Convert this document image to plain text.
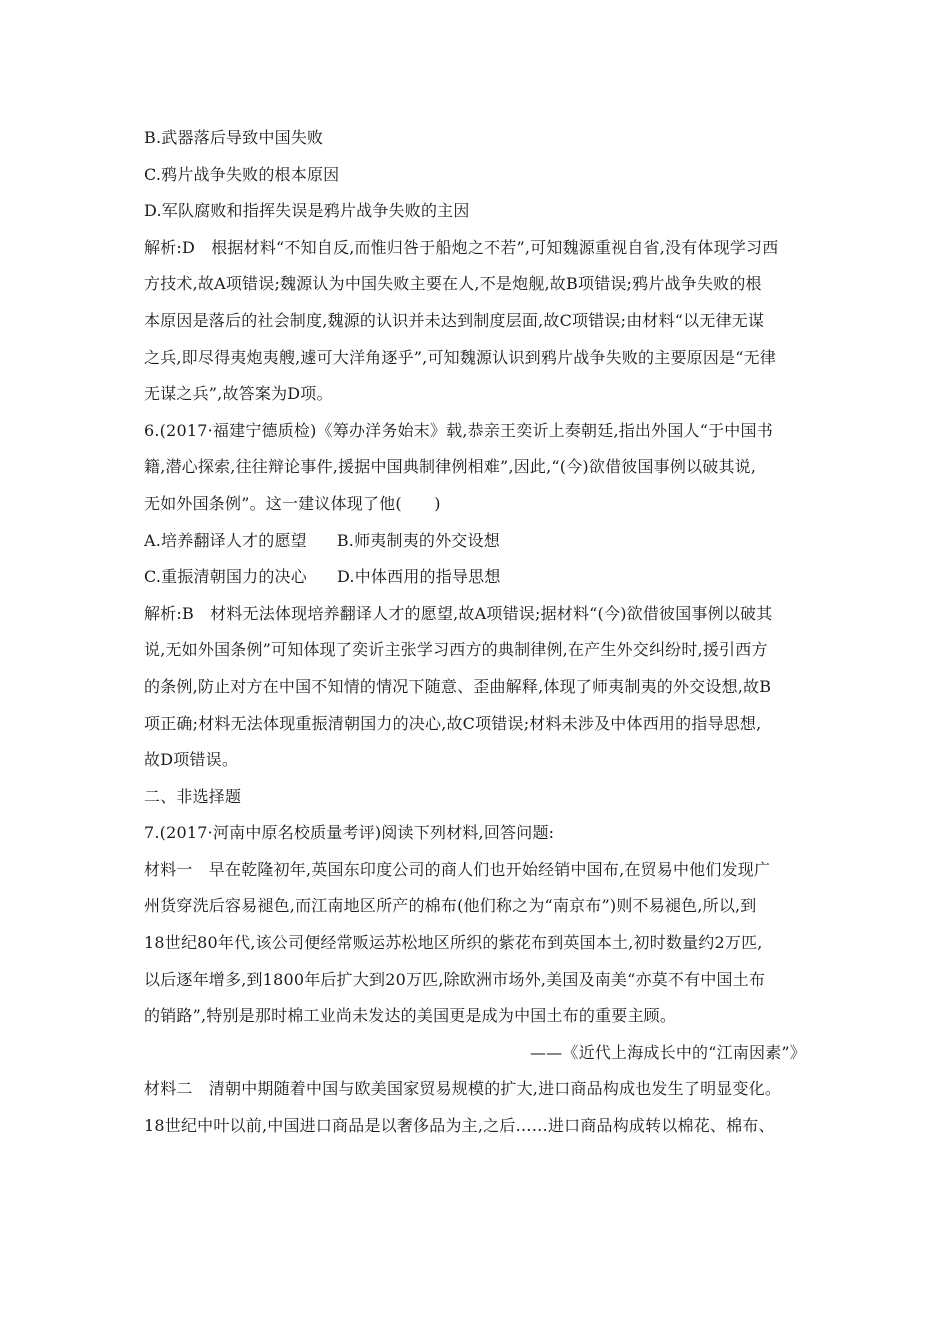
B.武器落后导致中国失败
C.鸦片战争失败的根本原因
D.军队腐败和指挥失误是鸦片战争失败的主因
解析:D　根据材料“不知自反,而惟归咎于船炮之不若”,可知魏源重视自省,没有体现学习西
方技术,故A项错误;魏源认为中国失败主要在人,不是炮舰,故B项错误;鸦片战争失败的根
本原因是落后的社会制度,魏源的认识并未达到制度层面,故C项错误;由材料“以无律无谋
之兵,即尽得夷炮夷艘,遽可大洋角逐乎”,可知魏源认识到鸦片战争失败的主要原因是“无律
无谋之兵”,故答案为D项。
6.(2017·福建宁德质检)《筹办洋务始末》载,恭亲王奕䜣上奏朝廷,指出外国人“于中国书
籍,潜心探索,往往辩论事件,援据中国典制律例相难”,因此,“(今)欲借彼国事例以破其说,
无如外国条例”。这一建议体现了他(　　)
A.培养翻译人才的愿望 B.师夷制夷的外交设想
C.重振清朝国力的决心 D.中体西用的指导思想
解析:B　材料无法体现培养翻译人才的愿望,故A项错误;据材料“(今)欲借彼国事例以破其
说,无如外国条例”可知体现了奕䜣主张学习西方的典制律例,在产生外交纠纷时,援引西方
的条例,防止对方在中国不知情的情况下随意、歪曲解释,体现了师夷制夷的外交设想,故B
项正确;材料无法体现重振清朝国力的决心,故C项错误;材料未涉及中体西用的指导思想,
故D项错误。
二、非选择题
7.(2017·河南中原名校质量考评)阅读下列材料,回答问题:
材料一　早在乾隆初年,英国东印度公司的商人们也开始经销中国布,在贸易中他们发现广
州货穿洗后容易褪色,而江南地区所产的棉布(他们称之为“南京布”)则不易褪色,所以,到
18世纪80年代,该公司便经常贩运苏松地区所织的紫花布到英国本土,初时数量约2万匹,
以后逐年增多,到1800年后扩大到20万匹,除欧洲市场外,美国及南美“亦莫不有中国土布
的销路”,特别是那时棉工业尚未发达的美国更是成为中国土布的重要主顾。
——《近代上海成长中的“江南因素”》
材料二　清朝中期随着中国与欧美国家贸易规模的扩大,进口商品构成也发生了明显变化。
18世纪中叶以前,中国进口商品是以奢侈品为主,之后……进口商品构成转以棉花、棉布、
